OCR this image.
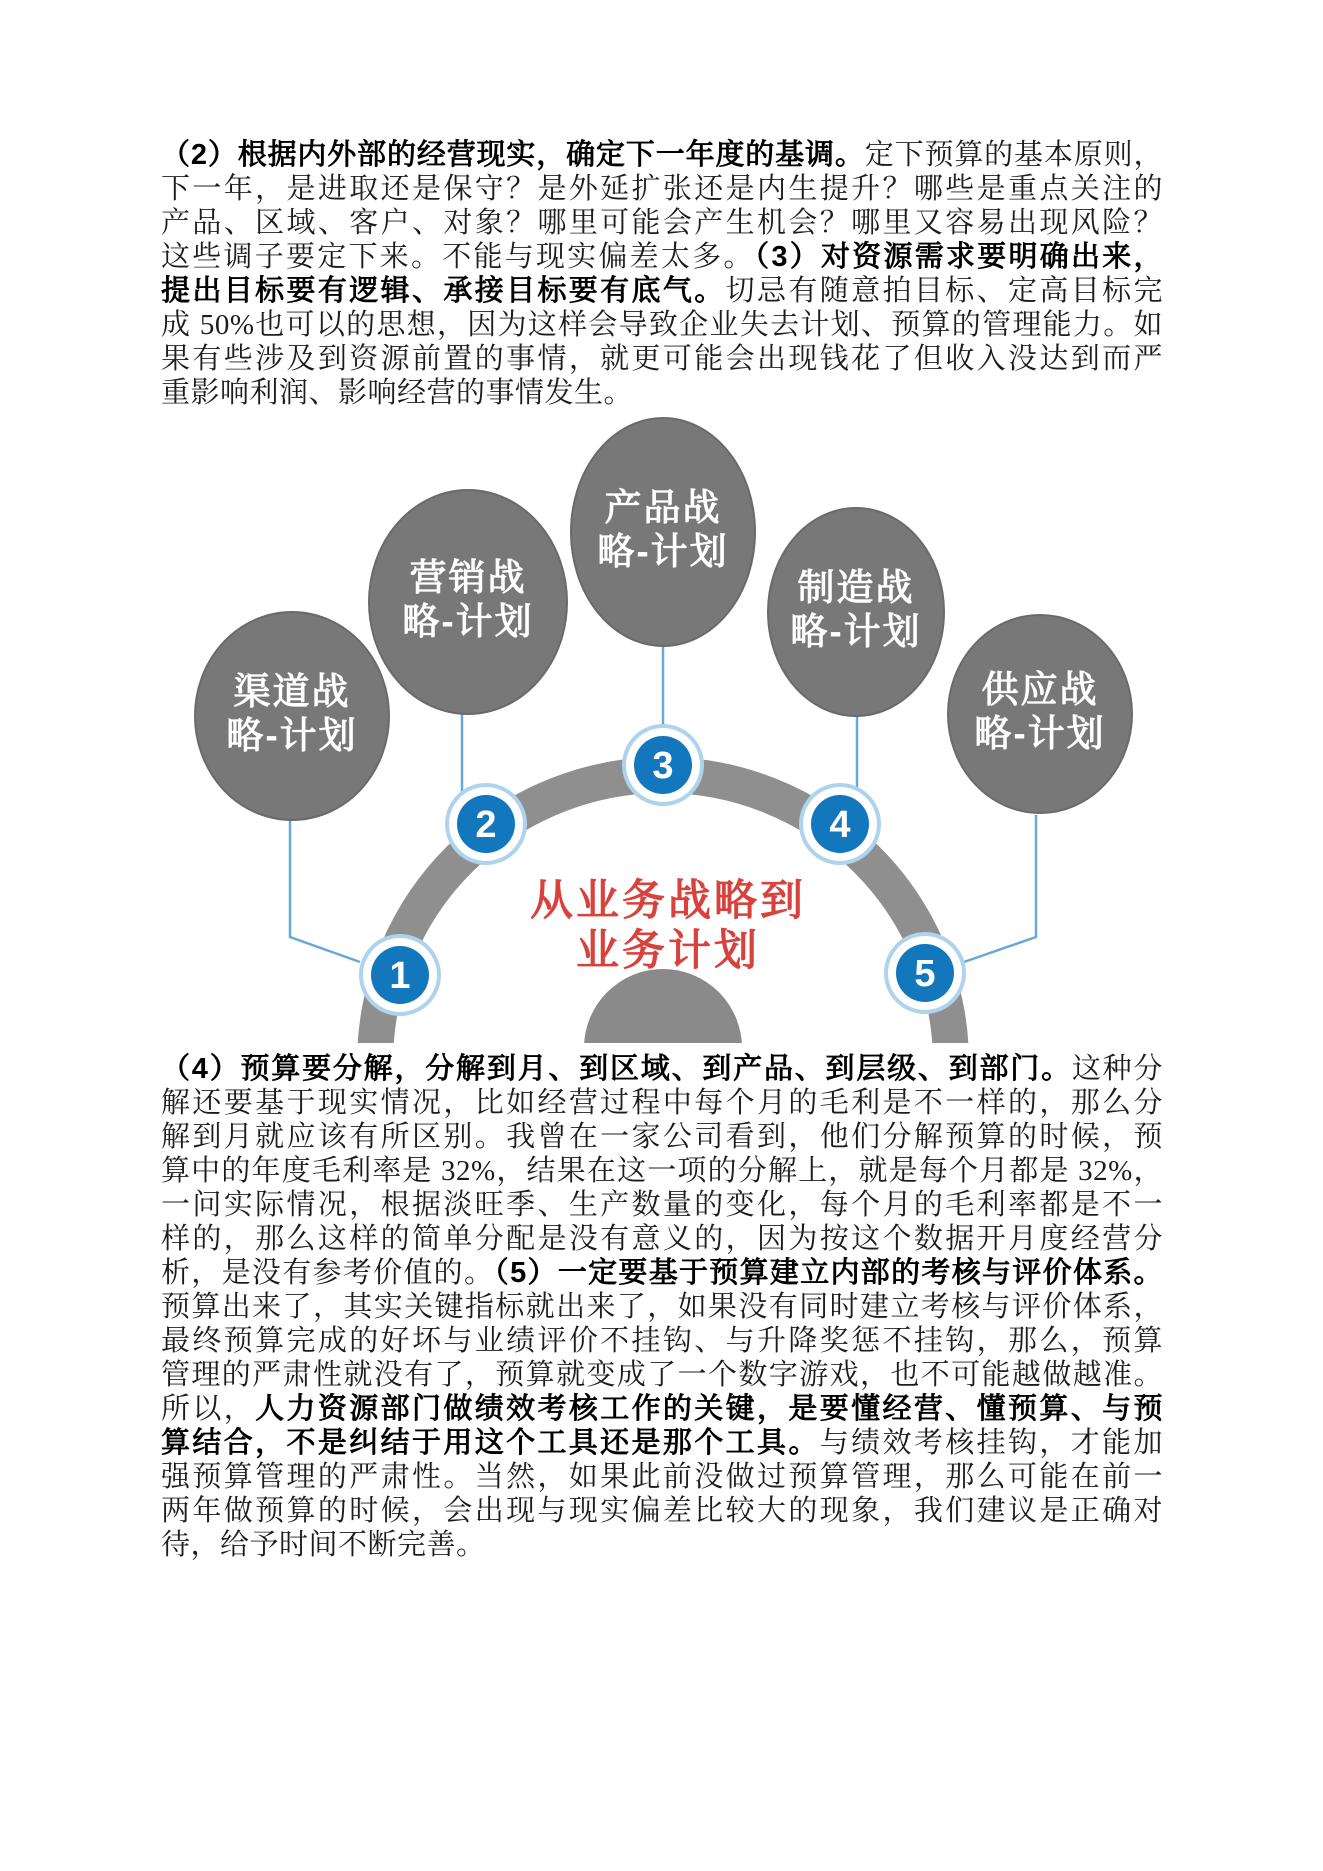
（2）根据内外部的经营现实，确定下一年度的基调。定下预算的基本原则，
下一年，是进取还是保守？是外延扩张还是内生提升？哪些是重点关注的
产品、区域、客户、对象？哪里可能会产生机会？哪里又容易出现风险？
这些调子要定下来。不能与现实偏差太多。（3）对资源需求要明确出来，
提出目标要有逻辑、承接目标要有底气。切忌有随意拍目标、定高目标完
成 50%也可以的思想，因为这样会导致企业失去计划、预算的管理能力。如
果有些涉及到资源前置的事情，就更可能会出现钱花了但收入没达到而严
重影响利润、影响经营的事情发生。
渠道战
略-计划
营销战
略-计划
产品战
略-计划
制造战
略-计划
供应战
略-计划
1
2
3
4
5
从业务战略到
业务计划
（4）预算要分解，分解到月、到区域、到产品、到层级、到部门。这种分
解还要基于现实情况，比如经营过程中每个月的毛利是不一样的，那么分
解到月就应该有所区别。我曾在一家公司看到，他们分解预算的时候，预
算中的年度毛利率是 32%，结果在这一项的分解上，就是每个月都是 32%，
一问实际情况，根据淡旺季、生产数量的变化，每个月的毛利率都是不一
样的，那么这样的简单分配是没有意义的，因为按这个数据开月度经营分
析，是没有参考价值的。（5）一定要基于预算建立内部的考核与评价体系。
预算出来了，其实关键指标就出来了，如果没有同时建立考核与评价体系，
最终预算完成的好坏与业绩评价不挂钩、与升降奖惩不挂钩，那么，预算
管理的严肃性就没有了，预算就变成了一个数字游戏，也不可能越做越准。
所以，人力资源部门做绩效考核工作的关键，是要懂经营、懂预算、与预
算结合，不是纠结于用这个工具还是那个工具。与绩效考核挂钩，才能加
强预算管理的严肃性。当然，如果此前没做过预算管理，那么可能在前一
两年做预算的时候，会出现与现实偏差比较大的现象，我们建议是正确对
待，给予时间不断完善。
